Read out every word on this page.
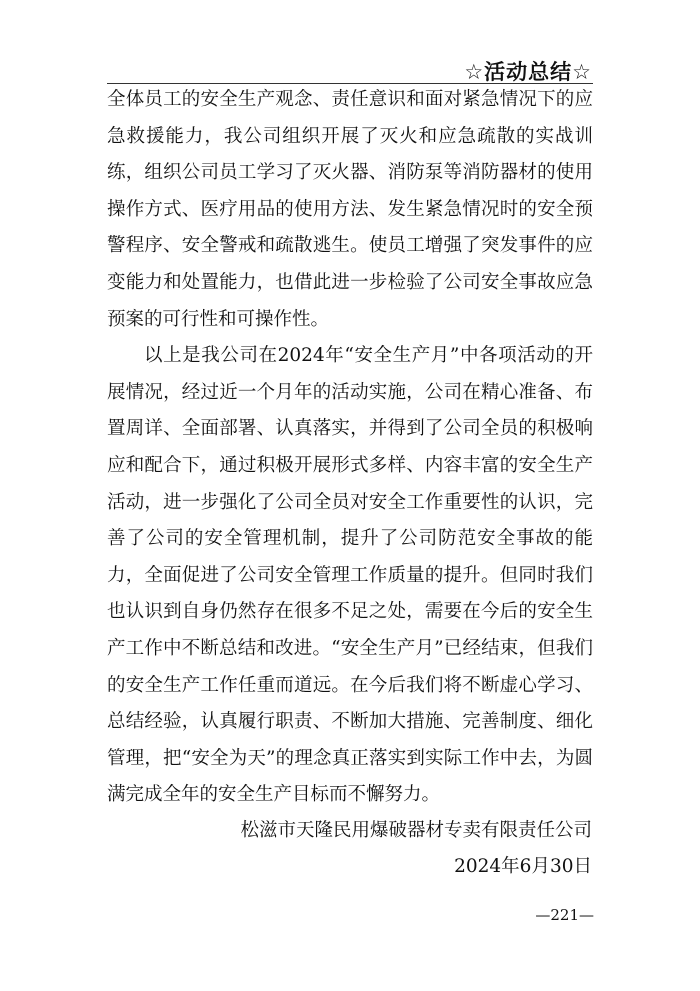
☆活动总结☆

全体员工的安全生产观念、责任意识和面对紧急情况下的应急救援能力，我公司组织开展了灭火和应急疏散的实战训练，组织公司员工学习了灭火器、消防泵等消防器材的使用操作方式、医疗用品的使用方法、发生紧急情况时的安全预警程序、安全警戒和疏散逃生。使员工增强了突发事件的应变能力和处置能力，也借此进一步检验了公司安全事故应急预案的可行性和可操作性。

以上是我公司在2024年“安全生产月”中各项活动的开展情况，经过近一个月年的活动实施，公司在精心准备、布置周详、全面部署、认真落实，并得到了公司全员的积极响应和配合下，通过积极开展形式多样、内容丰富的安全生产活动，进一步强化了公司全员对安全工作重要性的认识，完善了公司的安全管理机制，提升了公司防范安全事故的能力，全面促进了公司安全管理工作质量的提升。但同时我们也认识到自身仍然存在很多不足之处，需要在今后的安全生产工作中不断总结和改进。“安全生产月”已经结束，但我们的安全生产工作任重而道远。在今后我们将不断虚心学习、总结经验，认真履行职责、不断加大措施、完善制度、细化管理，把“安全为天”的理念真正落实到实际工作中去，为圆满完成全年的安全生产目标而不懈努力。

松滋市天隆民用爆破器材专卖有限责任公司
2024年6月30日
—221—
